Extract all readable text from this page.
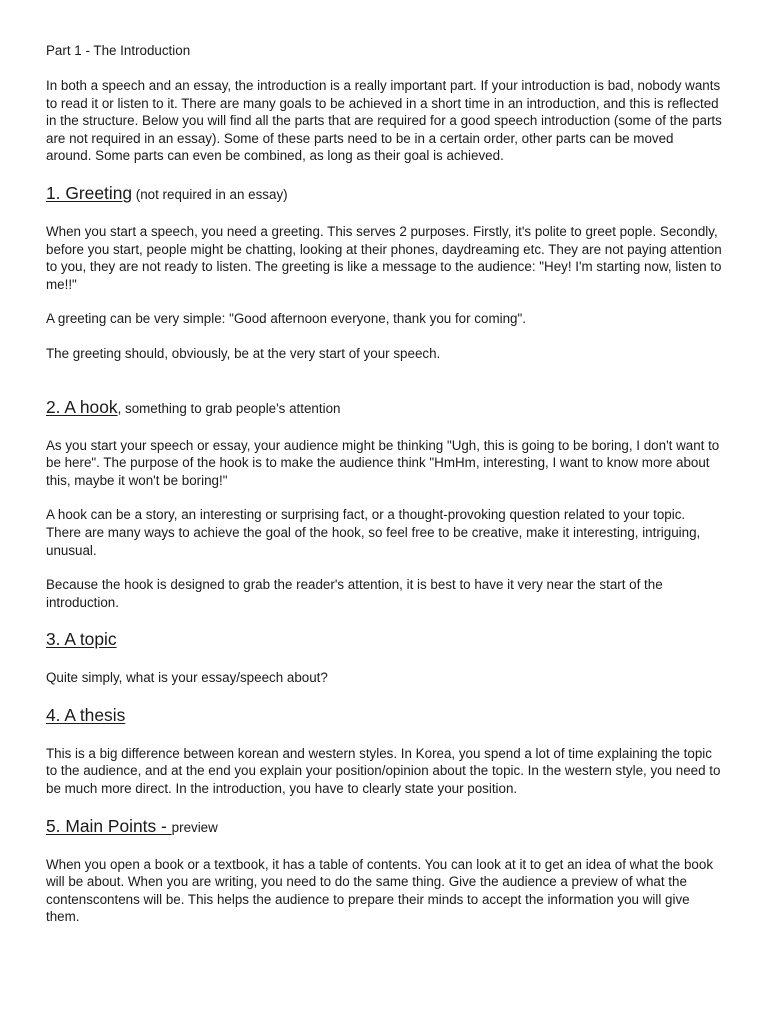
Part 1 - The Introduction

In both a speech and an essay, the introduction is a really important part. If your introduction is bad, nobody wants to read it or listen to it. There are many goals to be achieved in a short time in an introduction, and this is reflected in the structure. Below you will find all the parts that are required for a good speech introduction (some of the parts are not required in an essay). Some of these parts need to be in a certain order, other parts can be moved around. Some parts can even be combined, as long as their goal is achieved.

1. Greeting (not required in an essay)

When you start a speech, you need a greeting. This serves 2 purposes. Firstly, it's polite to greet pople. Secondly, before you start, people might be chatting, looking at their phones, daydreaming etc. They are not paying attention to you, they are not ready to listen. The greeting is like a message to the audience: "Hey! I'm starting now, listen to me!!"

A greeting can be very simple: "Good afternoon everyone, thank you for coming".

The greeting should, obviously, be at the very start of your speech.

2. A hook, something to grab people's attention

As you start your speech or essay, your audience might be thinking "Ugh, this is going to be boring, I don't want to be here". The purpose of the hook is to make the audience think "HmHm, interesting, I want to know more about this, maybe it won't be boring!"

A hook can be a story, an interesting or surprising fact, or a thought-provoking question related to your topic. There are many ways to achieve the goal of the hook, so feel free to be creative, make it interesting, intriguing, unusual.

Because the hook is designed to grab the reader's attention, it is best to have it very near the start of the introduction.

3. A topic

Quite simply, what is your essay/speech about?

4. A thesis

This is a big difference between korean and western styles. In Korea, you spend a lot of time explaining the topic to the audience, and at the end you explain your position/opinion about the topic. In the western style, you need to be much more direct. In the introduction, you have to clearly state your position.

5. Main Points - preview

When you open a book or a textbook, it has a table of contents. You can look at it to get an idea of what the book will be about. When you are writing, you need to do the same thing. Give the audience a preview of what the contenscontens will be. This helps the audience to prepare their minds to accept the information you will give them.
